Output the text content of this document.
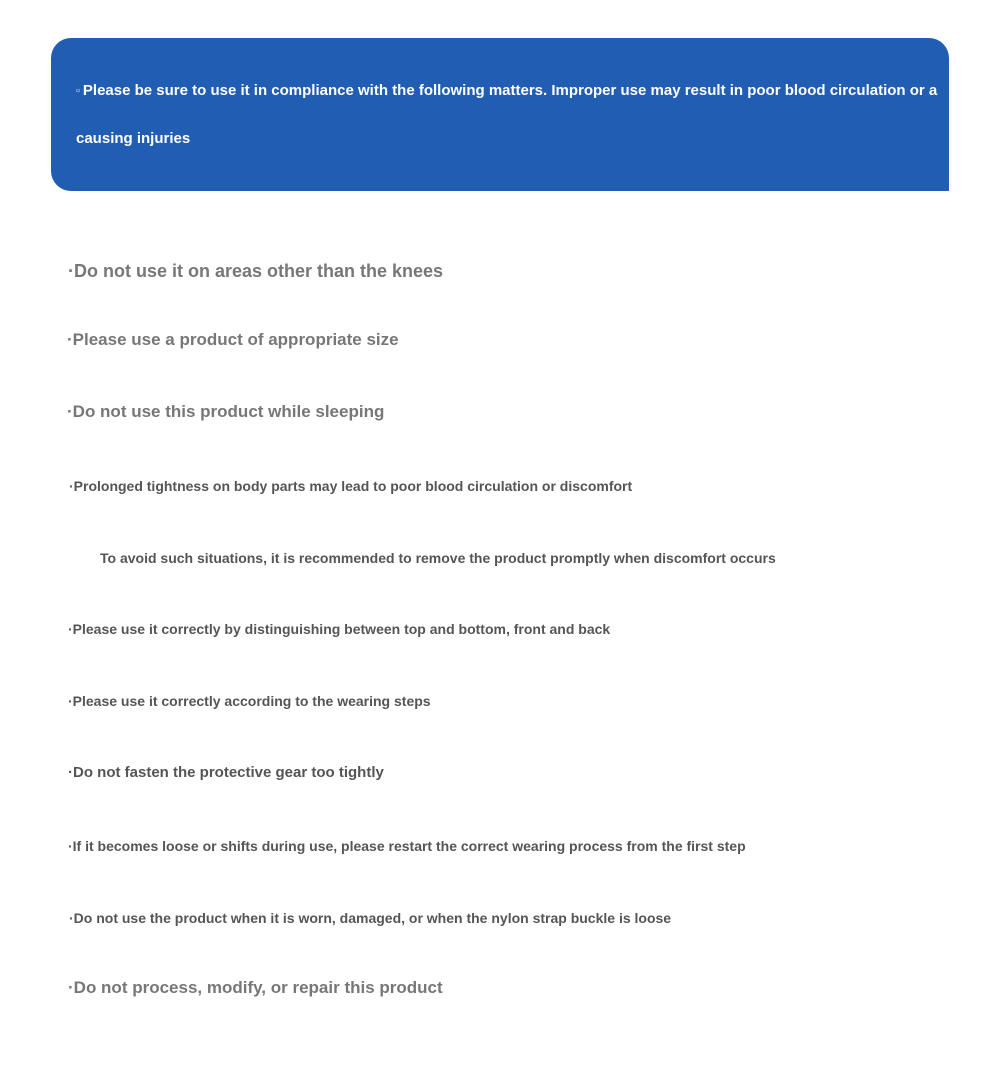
▫ Please be sure to use it in compliance with the following matters. Improper use may result in poor blood circulation or a
causing injuries
·Do not use it on areas other than the knees
·Please use a product of appropriate size
·Do not use this product while sleeping
·Prolonged tightness on body parts may lead to poor blood circulation or discomfort
To avoid such situations, it is recommended to remove the product promptly when discomfort occurs
·Please use it correctly by distinguishing between top and bottom, front and back
·Please use it correctly according to the wearing steps
·Do not fasten the protective gear too tightly
·If it becomes loose or shifts during use, please restart the correct wearing process from the first step
·Do not use the product when it is worn, damaged, or when the nylon strap buckle is loose
·Do not process, modify, or repair this product
